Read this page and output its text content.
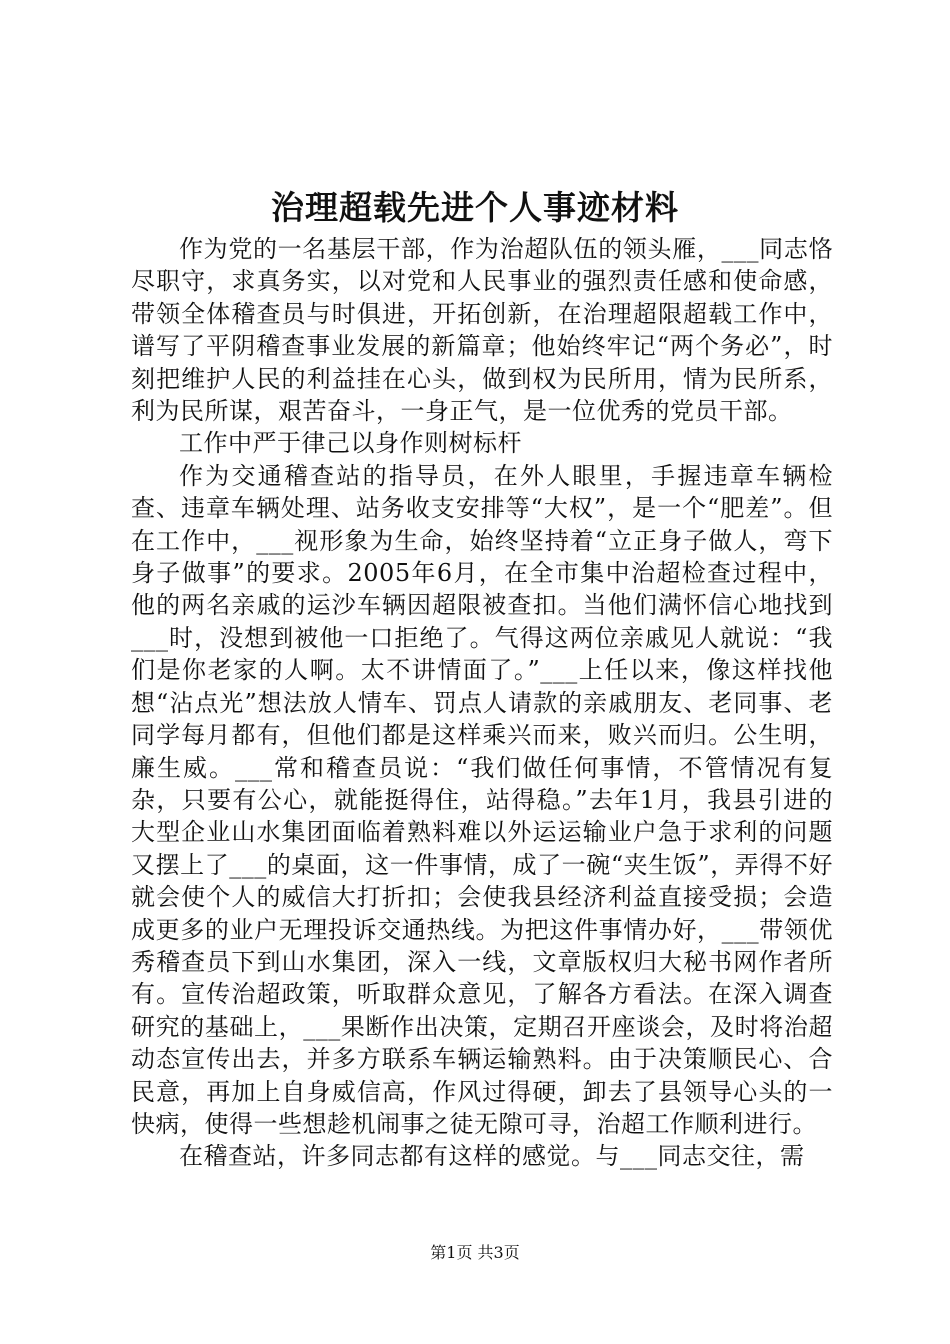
治理超载先进个人事迹材料

作为党的一名基层干部，作为治超队伍的领头雁，___同志恪尽职守，求真务实，以对党和人民事业的强烈责任感和使命感，带领全体稽查员与时俱进，开拓创新，在治理超限超载工作中，谱写了平阴稽查事业发展的新篇章；他始终牢记“两个务必”，时刻把维护人民的利益挂在心头，做到权为民所用，情为民所系，利为民所谋，艰苦奋斗，一身正气，是一位优秀的党员干部。

工作中严于律己以身作则树标杆

作为交通稽查站的指导员，在外人眼里，手握违章车辆检查、违章车辆处理、站务收支安排等“大权”，是一个“肥差”。但在工作中，___视形象为生命，始终坚持着“立正身子做人，弯下身子做事”的要求。2005年6月，在全市集中治超检查过程中，他的两名亲戚的运沙车辆因超限被查扣。当他们满怀信心地找到___时，没想到被他一口拒绝了。气得这两位亲戚见人就说：“我们是你老家的人啊。太不讲情面了。”___上任以来，像这样找他想“沾点光”想法放人情车、罚点人请款的亲戚朋友、老同事、老同学每月都有，但他们都是这样乘兴而来，败兴而归。公生明，廉生威。___常和稽查员说：“我们做任何事情，不管情况有复杂，只要有公心，就能挺得住，站得稳。”去年1月，我县引进的大型企业山水集团面临着熟料难以外运运输业户急于求利的问题又摆上了___的桌面，这一件事情，成了一碗“夹生饭”，弄得不好就会使个人的威信大打折扣；会使我县经济利益直接受损；会造成更多的业户无理投诉交通热线。为把这件事情办好，___带领优秀稽查员下到山水集团，深入一线，文章版权归大秘书网作者所有。宣传治超政策，听取群众意见，了解各方看法。在深入调查研究的基础上，___果断作出决策，定期召开座谈会，及时将治超动态宣传出去，并多方联系车辆运输熟料。由于决策顺民心、合民意，再加上自身威信高，作风过得硬，卸去了县领导心头的一快病，使得一些想趁机闹事之徒无隙可寻，治超工作顺利进行。

在稽查站，许多同志都有这样的感觉。与___同志交往，需

第1页 共3页
